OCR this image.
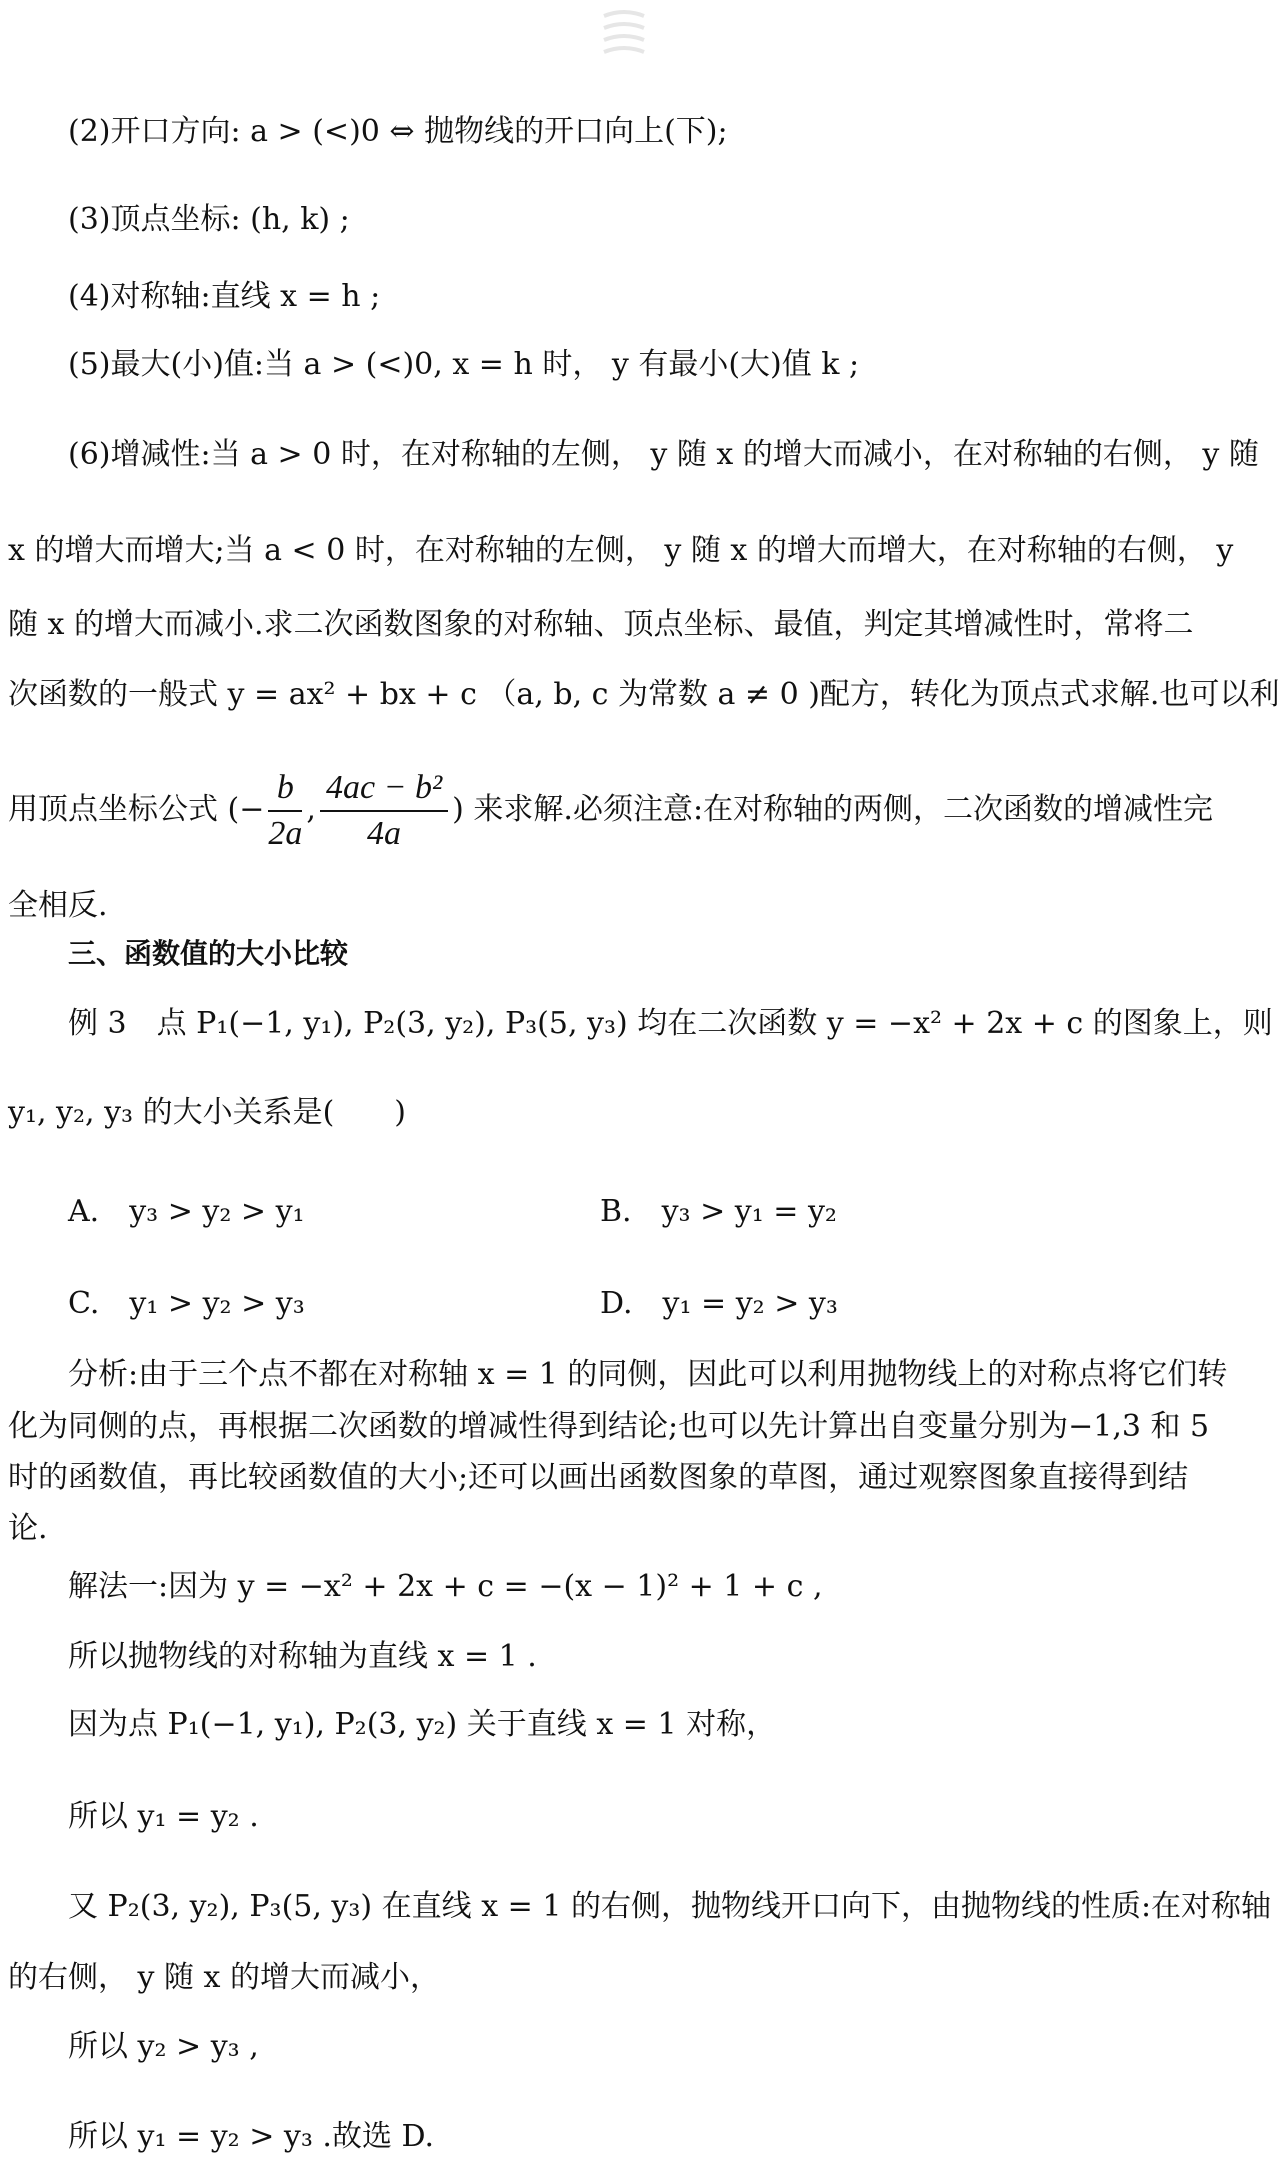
(2)开口方向: a > (<)0 ⇔ 抛物线的开口向上(下);
(3)顶点坐标: (h, k) ;
(4)对称轴:直线 x = h ;
(5)最大(小)值:当 a > (<)0, x = h 时， y 有最小(大)值 k ;
(6)增减性:当 a > 0 时，在对称轴的左侧， y 随 x 的增大而减小，在对称轴的右侧， y 随
x 的增大而增大;当 a < 0 时，在对称轴的左侧， y 随 x 的增大而增大，在对称轴的右侧， y
随 x 的增大而减小.求二次函数图象的对称轴、顶点坐标、最值，判定其增减性时，常将二
次函数的一般式 y = ax² + bx + c （a, b, c 为常数 a ≠ 0 )配方，转化为顶点式求解.也可以利
用顶点坐标公式 (− $\frac{b}{2a}$ , $\frac{\text{4ac − b²}}{4a}$ ) 来求解.必须注意:在对称轴的两侧，二次函数的增减性完
全相反.
三、函数值的大小比较
例 3　点 P₁(−1, y₁), P₂(3, y₂), P₃(5, y₃) 均在二次函数 y = −x² + 2x + c 的图象上，则
y₁, y₂, y₃ 的大小关系是(　　)
A.　y₃ > y₂ > y₁	B.　y₃ > y₁ = y₂
C.　y₁ > y₂ > y₃	D.　y₁ = y₂ > y₃
分析:由于三个点不都在对称轴 x = 1 的同侧，因此可以利用抛物线上的对称点将它们转
化为同侧的点，再根据二次函数的增减性得到结论;也可以先计算出自变量分别为−1,3 和 5
时的函数值，再比较函数值的大小;还可以画出函数图象的草图，通过观察图象直接得到结
论.
解法一:因为 y = −x² + 2x + c = −(x − 1)² + 1 + c ,
所以抛物线的对称轴为直线 x = 1 .
因为点 P₁(−1, y₁), P₂(3, y₂) 关于直线 x = 1 对称，
所以 y₁ = y₂ .
又 P₂(3, y₂), P₃(5, y₃) 在直线 x = 1 的右侧，抛物线开口向下，由抛物线的性质:在对称轴
的右侧， y 随 x 的增大而减小，
所以 y₂ > y₃ ,
所以 y₁ = y₂ > y₃ .故选 D.
